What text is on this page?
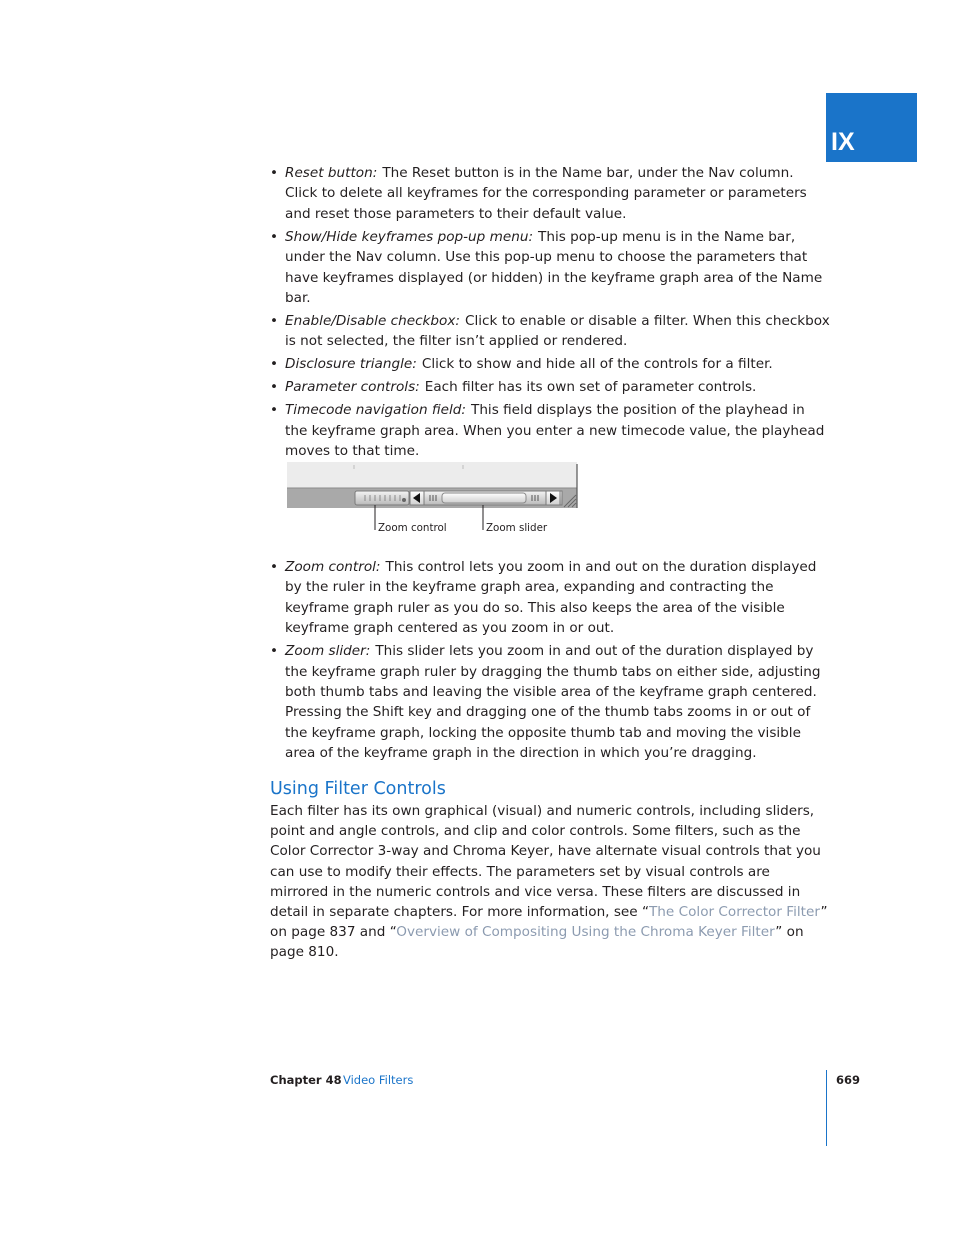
IX
• Reset button: The Reset button is in the Name bar, under the Nav column. Click to delete all keyframes for the corresponding parameter or parameters and reset those parameters to their default value.
• Show/Hide keyframes pop-up menu: This pop-up menu is in the Name bar, under the Nav column. Use this pop-up menu to choose the parameters that have keyframes displayed (or hidden) in the keyframe graph area of the Name bar.
• Enable/Disable checkbox: Click to enable or disable a filter. When this checkbox is not selected, the filter isn’t applied or rendered.
• Disclosure triangle: Click to show and hide all of the controls for a filter.
• Parameter controls: Each filter has its own set of parameter controls.
• Timecode navigation field: This field displays the position of the playhead in the keyframe graph area. When you enter a new timecode value, the playhead moves to that time.
Zoom control	Zoom slider
• Zoom control: This control lets you zoom in and out on the duration displayed by the ruler in the keyframe graph area, expanding and contracting the keyframe graph ruler as you do so. This also keeps the area of the visible keyframe graph centered as you zoom in or out.
• Zoom slider: This slider lets you zoom in and out of the duration displayed by the keyframe graph ruler by dragging the thumb tabs on either side, adjusting both thumb tabs and leaving the visible area of the keyframe graph centered. Pressing the Shift key and dragging one of the thumb tabs zooms in or out of the keyframe graph, locking the opposite thumb tab and moving the visible area of the keyframe graph in the direction in which you’re dragging.
Using Filter Controls

Each filter has its own graphical (visual) and numeric controls, including sliders, point and angle controls, and clip and color controls. Some filters, such as the Color Corrector 3-way and Chroma Keyer, have alternate visual controls that you can use to modify their effects. The parameters set by visual controls are mirrored in the numeric controls and vice versa. These filters are discussed in detail in separate chapters. For more information, see “The Color Corrector Filter” on page 837 and “Overview of Compositing Using the Chroma Keyer Filter” on page 810.

Chapter 48 Video Filters	669
